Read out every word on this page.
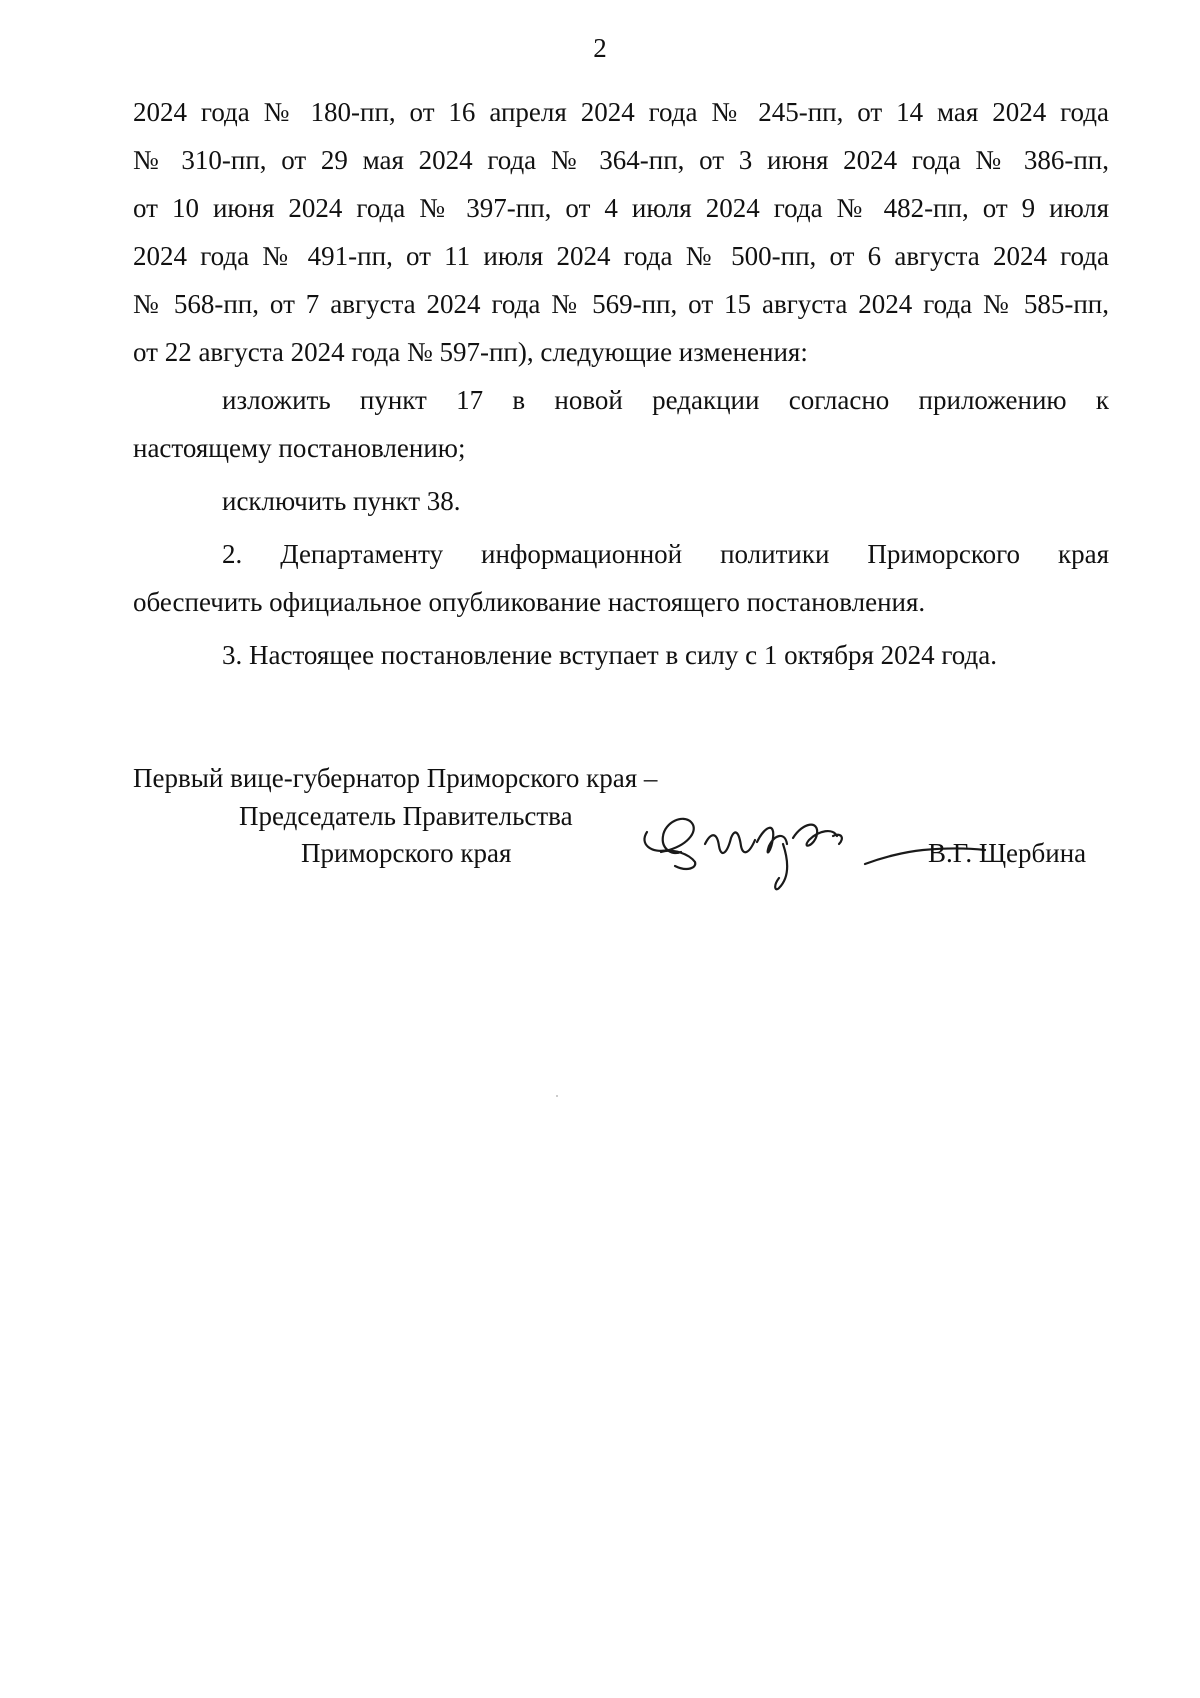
2
2024 года № 180-пп, от 16 апреля 2024 года № 245-пп, от 14 мая 2024 года
№ 310-пп, от 29 мая 2024 года № 364-пп, от 3 июня 2024 года № 386-пп,
от 10 июня 2024 года № 397-пп, от 4 июля 2024 года № 482-пп, от 9 июля
2024 года № 491-пп, от 11 июля 2024 года № 500-пп, от 6 августа 2024 года
№ 568-пп, от 7 августа 2024 года № 569-пп, от 15 августа 2024 года № 585-пп,
от 22 августа 2024 года № 597-пп), следующие изменения:
изложить пункт 17 в новой редакции согласно приложению к
настоящему постановлению;
исключить пункт 38.
2. Департаменту информационной политики Приморского края
обеспечить официальное опубликование настоящего постановления.
3. Настоящее постановление вступает в силу с 1 октября 2024 года.
Первый вице-губернатор Приморского края –
Председатель Правительства
Приморского края	В.Г. Щербина
